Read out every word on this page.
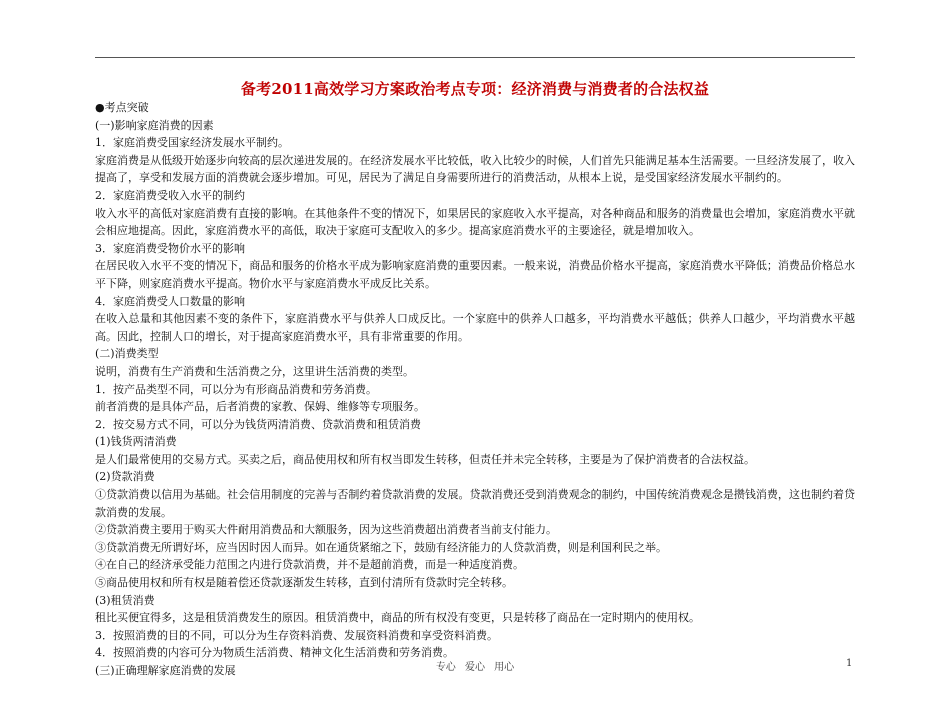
备考2011高效学习方案政治考点专项：经济消费与消费者的合法权益

●考点突破

(一)影响家庭消费的因素

1．家庭消费受国家经济发展水平制约。

家庭消费是从低级开始逐步向较高的层次递进发展的。在经济发展水平比较低，收入比较少的时候，人们首先只能满足基本生活需要。一旦经济发展了，收入提高了，享受和发展方面的消费就会逐步增加。可见，居民为了满足自身需要所进行的消费活动，从根本上说，是受国家经济发展水平制约的。

2．家庭消费受收入水平的制约

收入水平的高低对家庭消费有直接的影响。在其他条件不变的情况下，如果居民的家庭收入水平提高，对各种商品和服务的消费量也会增加，家庭消费水平就会相应地提高。因此，家庭消费水平的高低，取决于家庭可支配收入的多少。提高家庭消费水平的主要途径，就是增加收入。

3．家庭消费受物价水平的影响

在居民收入水平不变的情况下，商品和服务的价格水平成为影响家庭消费的重要因素。一般来说，消费品价格水平提高，家庭消费水平降低；消费品价格总水平下降，则家庭消费水平提高。物价水平与家庭消费水平成反比关系。

4．家庭消费受人口数量的影响

在收入总量和其他因素不变的条件下，家庭消费水平与供养人口成反比。一个家庭中的供养人口越多，平均消费水平越低；供养人口越少，平均消费水平越高。因此，控制人口的增长，对于提高家庭消费水平，具有非常重要的作用。

(二)消费类型

说明，消费有生产消费和生活消费之分，这里讲生活消费的类型。

1．按产品类型不同，可以分为有形商品消费和劳务消费。

前者消费的是具体产品，后者消费的家教、保姆、维修等专项服务。

2．按交易方式不同，可以分为钱货两清消费、贷款消费和租赁消费

(1)钱货两清消费

是人们最常使用的交易方式。买卖之后，商品使用权和所有权当即发生转移，但责任并未完全转移，主要是为了保护消费者的合法权益。

(2)贷款消费

①贷款消费以信用为基础。社会信用制度的完善与否制约着贷款消费的发展。贷款消费还受到消费观念的制约，中国传统消费观念是攒钱消费，这也制约着贷款消费的发展。

②贷款消费主要用于购买大件耐用消费品和大额服务，因为这些消费超出消费者当前支付能力。

③贷款消费无所谓好坏，应当因时因人而异。如在通货紧缩之下，鼓励有经济能力的人贷款消费，则是利国利民之举。

④在自己的经济承受能力范围之内进行贷款消费，并不是超前消费，而是一种适度消费。

⑤商品使用权和所有权是随着偿还贷款逐渐发生转移，直到付清所有贷款时完全转移。

(3)租赁消费

租比买便宜得多，这是租赁消费发生的原因。租赁消费中，商品的所有权没有变更，只是转移了商品在一定时期内的使用权。

3．按照消费的目的不同，可以分为生存资料消费、发展资料消费和享受资料消费。

4．按照消费的内容可分为物质生活消费、精神文化生活消费和劳务消费。

(三)正确理解家庭消费的发展	专心 爱心 用心	1
